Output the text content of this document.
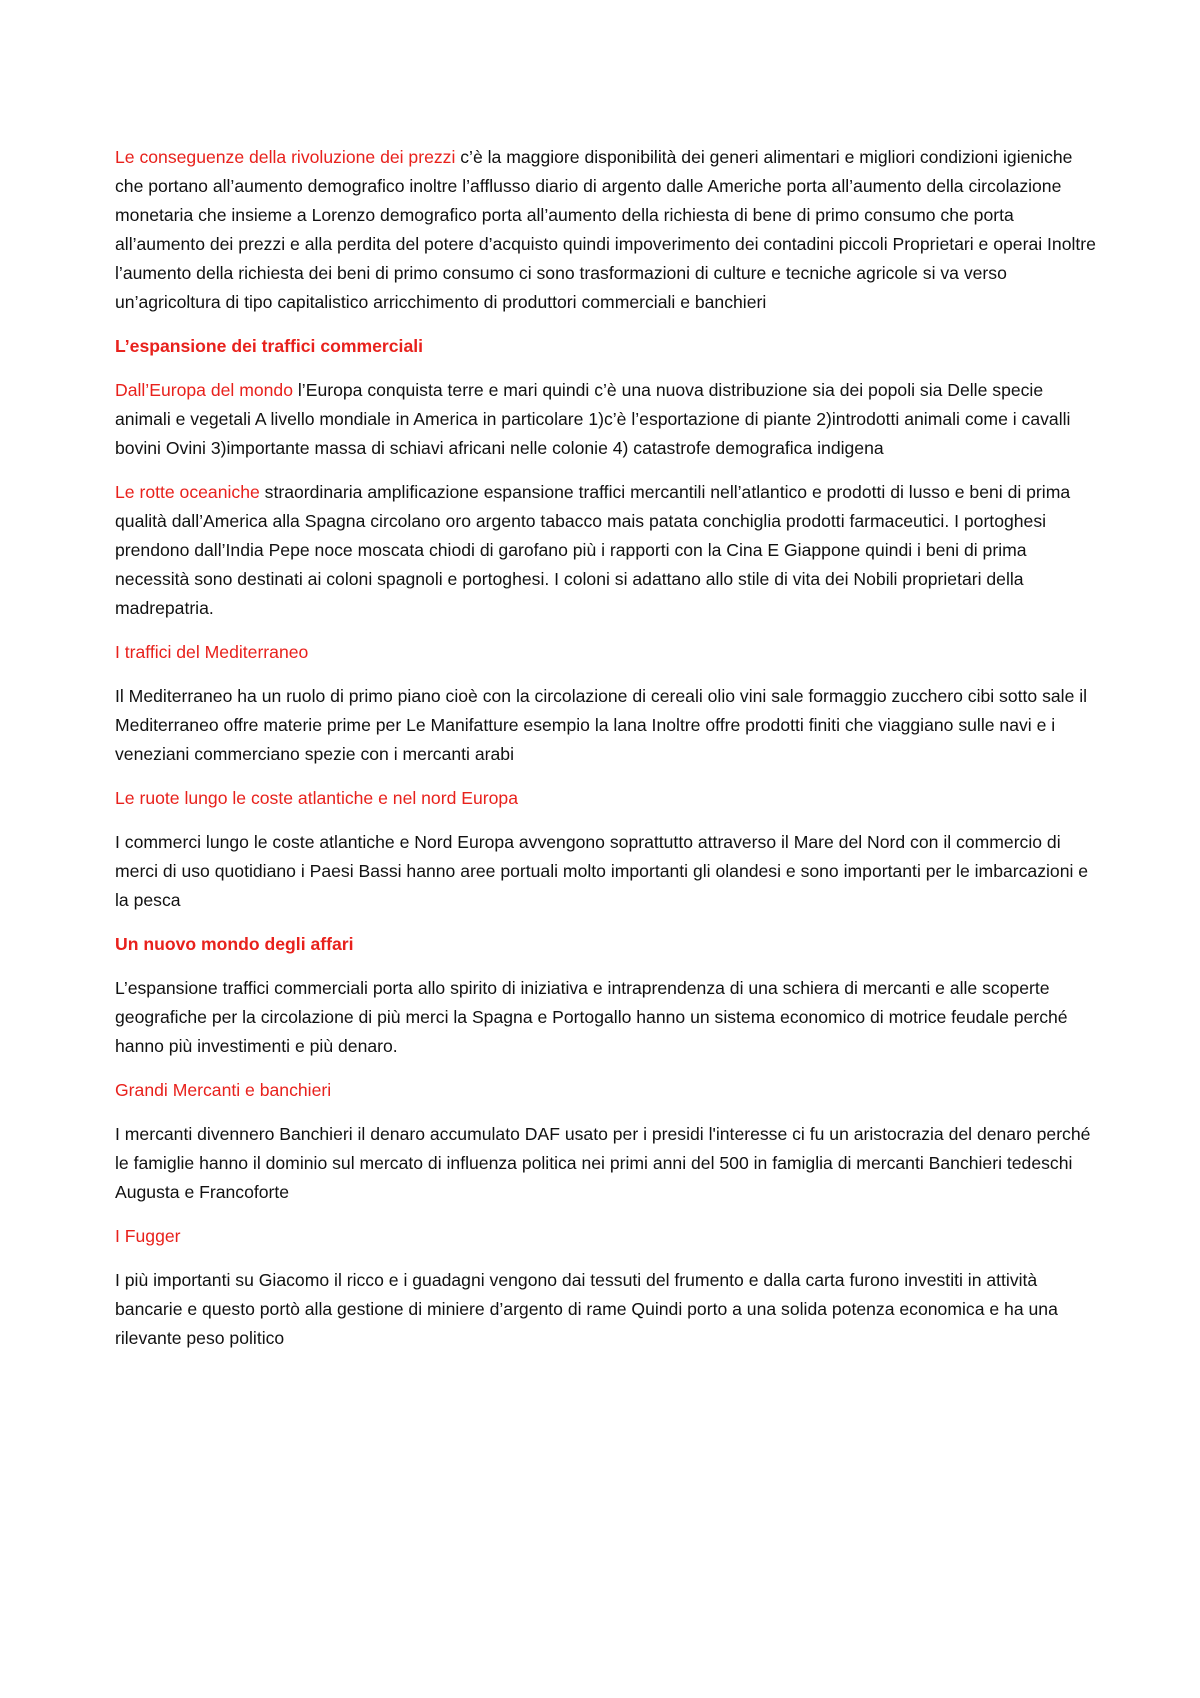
Le conseguenze della rivoluzione dei prezzi c’è la maggiore disponibilità dei generi alimentari e migliori condizioni igieniche che portano all’aumento demografico inoltre l’afflusso diario di argento dalle Americhe porta all’aumento della circolazione monetaria che insieme a Lorenzo demografico porta all’aumento della richiesta di bene di primo consumo che porta all’aumento dei prezzi e alla perdita del potere d’acquisto quindi impoverimento dei contadini piccoli Proprietari e operai Inoltre l’aumento della richiesta dei beni di primo consumo ci sono trasformazioni di culture e tecniche agricole si va verso un’agricoltura di tipo capitalistico arricchimento di produttori commerciali e banchieri

L’espansione dei traffici commerciali

Dall’Europa del mondo l’Europa conquista terre e mari quindi c’è una nuova distribuzione sia dei popoli sia Delle specie animali e vegetali A livello mondiale in America in particolare 1)c’è l’esportazione di piante 2)introdotti animali come i cavalli bovini Ovini 3)importante massa di schiavi africani nelle colonie 4) catastrofe demografica indigena

Le rotte oceaniche straordinaria amplificazione espansione traffici mercantili nell’atlantico e prodotti di lusso e beni di prima qualità dall’America alla Spagna circolano oro argento tabacco mais patata conchiglia prodotti farmaceutici. I portoghesi prendono dall’India Pepe noce moscata chiodi di garofano più i rapporti con la Cina E Giappone quindi i beni di prima necessità sono destinati ai coloni spagnoli e portoghesi. I coloni si adattano allo stile di vita dei Nobili proprietari della madrepatria.

I traffici del Mediterraneo

Il Mediterraneo ha un ruolo di primo piano cioè con la circolazione di cereali olio vini sale formaggio zucchero cibi sotto sale il Mediterraneo offre materie prime per Le Manifatture esempio la lana Inoltre offre prodotti finiti che viaggiano sulle navi e i veneziani commerciano spezie con i mercanti arabi

Le ruote lungo le coste atlantiche e nel nord Europa

I commerci lungo le coste atlantiche e Nord Europa avvengono soprattutto attraverso il Mare del Nord con il commercio di merci di uso quotidiano i Paesi Bassi hanno aree portuali molto importanti gli olandesi e sono importanti per le imbarcazioni e la pesca

Un nuovo mondo degli affari

L’espansione traffici commerciali porta allo spirito di iniziativa e intraprendenza di una schiera di mercanti e alle scoperte geografiche per la circolazione di più merci la Spagna e Portogallo hanno un sistema economico di motrice feudale perché hanno più investimenti e più denaro.

Grandi Mercanti e banchieri

I mercanti divennero Banchieri il denaro accumulato DAF usato per i presidi l'interesse ci fu un aristocrazia del denaro perché le famiglie hanno il dominio sul mercato di influenza politica nei primi anni del 500 in famiglia di mercanti Banchieri tedeschi Augusta e Francoforte

I Fugger

I più importanti su Giacomo il ricco e i guadagni vengono dai tessuti del frumento e dalla carta furono investiti in attività bancarie e questo portò alla gestione di miniere d’argento di rame Quindi porto a una solida potenza economica e ha una rilevante peso politico
